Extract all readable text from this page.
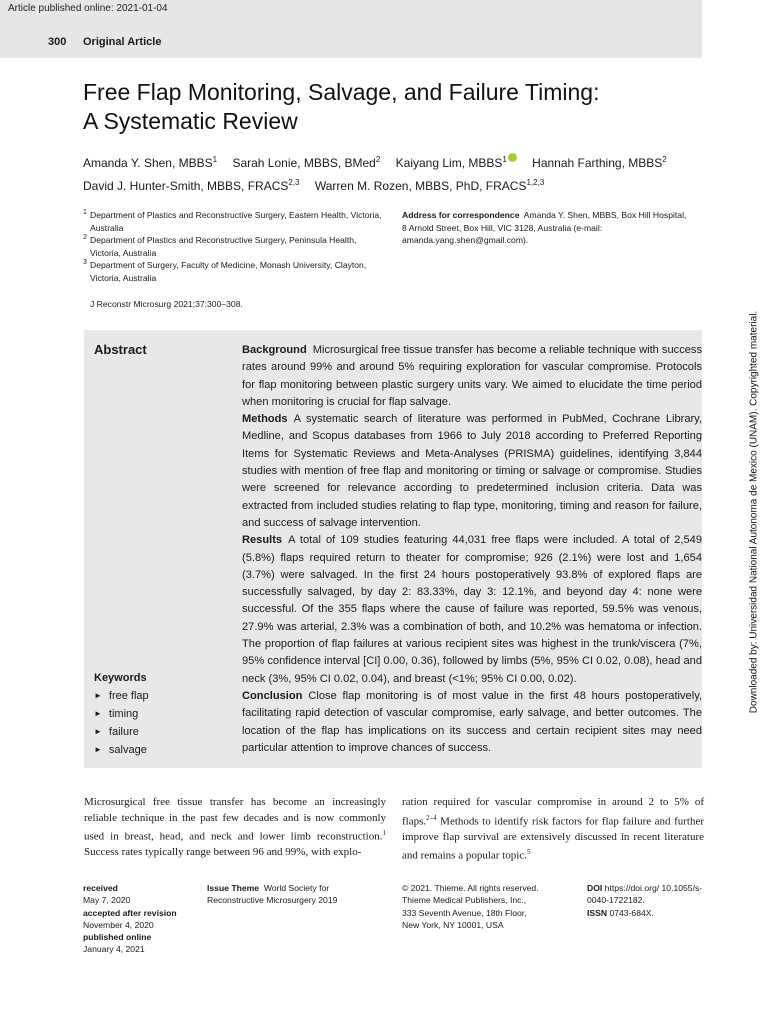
Article published online: 2021-01-04
300 Original Article
Free Flap Monitoring, Salvage, and Failure Timing:
A Systematic Review
Amanda Y. Shen, MBBS$^1$ Sarah Lonie, MBBS, BMed$^2$ Kaiyang Lim, MBBS$^1$ Hannah Farthing, MBBS$^2$
David J. Hunter-Smith, MBBS, FRACS$^{2,3}$ Warren M. Rozen, MBBS, PhD, FRACS$^{1,2,3}$
1 Department of Plastics and Reconstructive Surgery, Eastern Health, Victoria, Australia
2 Department of Plastics and Reconstructive Surgery, Peninsula Health, Victoria, Australia
3 Department of Surgery, Faculty of Medicine, Monash University, Clayton, Victoria, Australia
Address for correspondence Amanda Y. Shen, MBBS, Box Hill Hospital, 8 Arnold Street, Box Hill, VIC 3128, Australia (e-mail: amanda.yang.shen@gmail.com).
J Reconstr Microsurg 2021;37:300–308.
Downloaded by: Universidad National Autonoma de Mexico (UNAM). Copyrighted material.
Abstract
Keywords
► free flap
► timing
► failure
► salvage

Background Microsurgical free tissue transfer has become a reliable technique with success rates around 99% and around 5% requiring exploration for vascular compromise. Protocols for flap monitoring between plastic surgery units vary. We aimed to elucidate the time period when monitoring is crucial for flap salvage.

Methods A systematic search of literature was performed in PubMed, Cochrane Library, Medline, and Scopus databases from 1966 to July 2018 according to Preferred Reporting Items for Systematic Reviews and Meta-Analyses (PRISMA) guidelines, identifying 3,844 studies with mention of free flap and monitoring or timing or salvage or compromise. Studies were screened for relevance according to predetermined inclusion criteria. Data was extracted from included studies relating to flap type, monitoring, timing and reason for failure, and success of salvage intervention.

Results A total of 109 studies featuring 44,031 free flaps were included. A total of 2,549 (5.8%) flaps required return to theater for compromise; 926 (2.1%) were lost and 1,654 (3.7%) were salvaged. In the first 24 hours postoperatively 93.8% of explored flaps are successfully salvaged, by day 2: 83.33%, day 3: 12.1%, and beyond day 4: none were successful. Of the 355 flaps where the cause of failure was reported, 59.5% was venous, 27.9% was arterial, 2.3% was a combination of both, and 10.2% was hematoma or infection. The proportion of flap failures at various recipient sites was highest in the trunk/viscera (7%, 95% confidence interval [CI] 0.00, 0.36), followed by limbs (5%, 95% CI 0.02, 0.08), head and neck (3%, 95% CI 0.02, 0.04), and breast (<1%; 95% CI 0.00, 0.02).

Conclusion Close flap monitoring is of most value in the first 48 hours postoperatively, facilitating rapid detection of vascular compromise, early salvage, and better outcomes. The location of the flap has implications on its success and certain recipient sites may need particular attention to improve chances of success.

Microsurgical free tissue transfer has become an increasingly reliable technique in the past few decades and is now commonly used in breast, head, and neck and lower limb reconstruction.$^1$ Success rates typically range between 96 and 99%, with explo-
ration required for vascular compromise in around 2 to 5% of flaps.$^{2-4}$ Methods to identify risk factors for flap failure and further improve flap survival are extensively discussed in recent literature and remains a popular topic.$^5$
received
May 7, 2020
accepted after revision
November 4, 2020
published online
January 4, 2021
Issue Theme World Society for Reconstructive Microsurgery 2019
© 2021. Thieme. All rights reserved.
Thieme Medical Publishers, Inc.,
333 Seventh Avenue, 18th Floor,
New York, NY 10001, USA
DOI https://doi.org/ 10.1055/s-0040-1722182.
ISSN 0743-684X.
